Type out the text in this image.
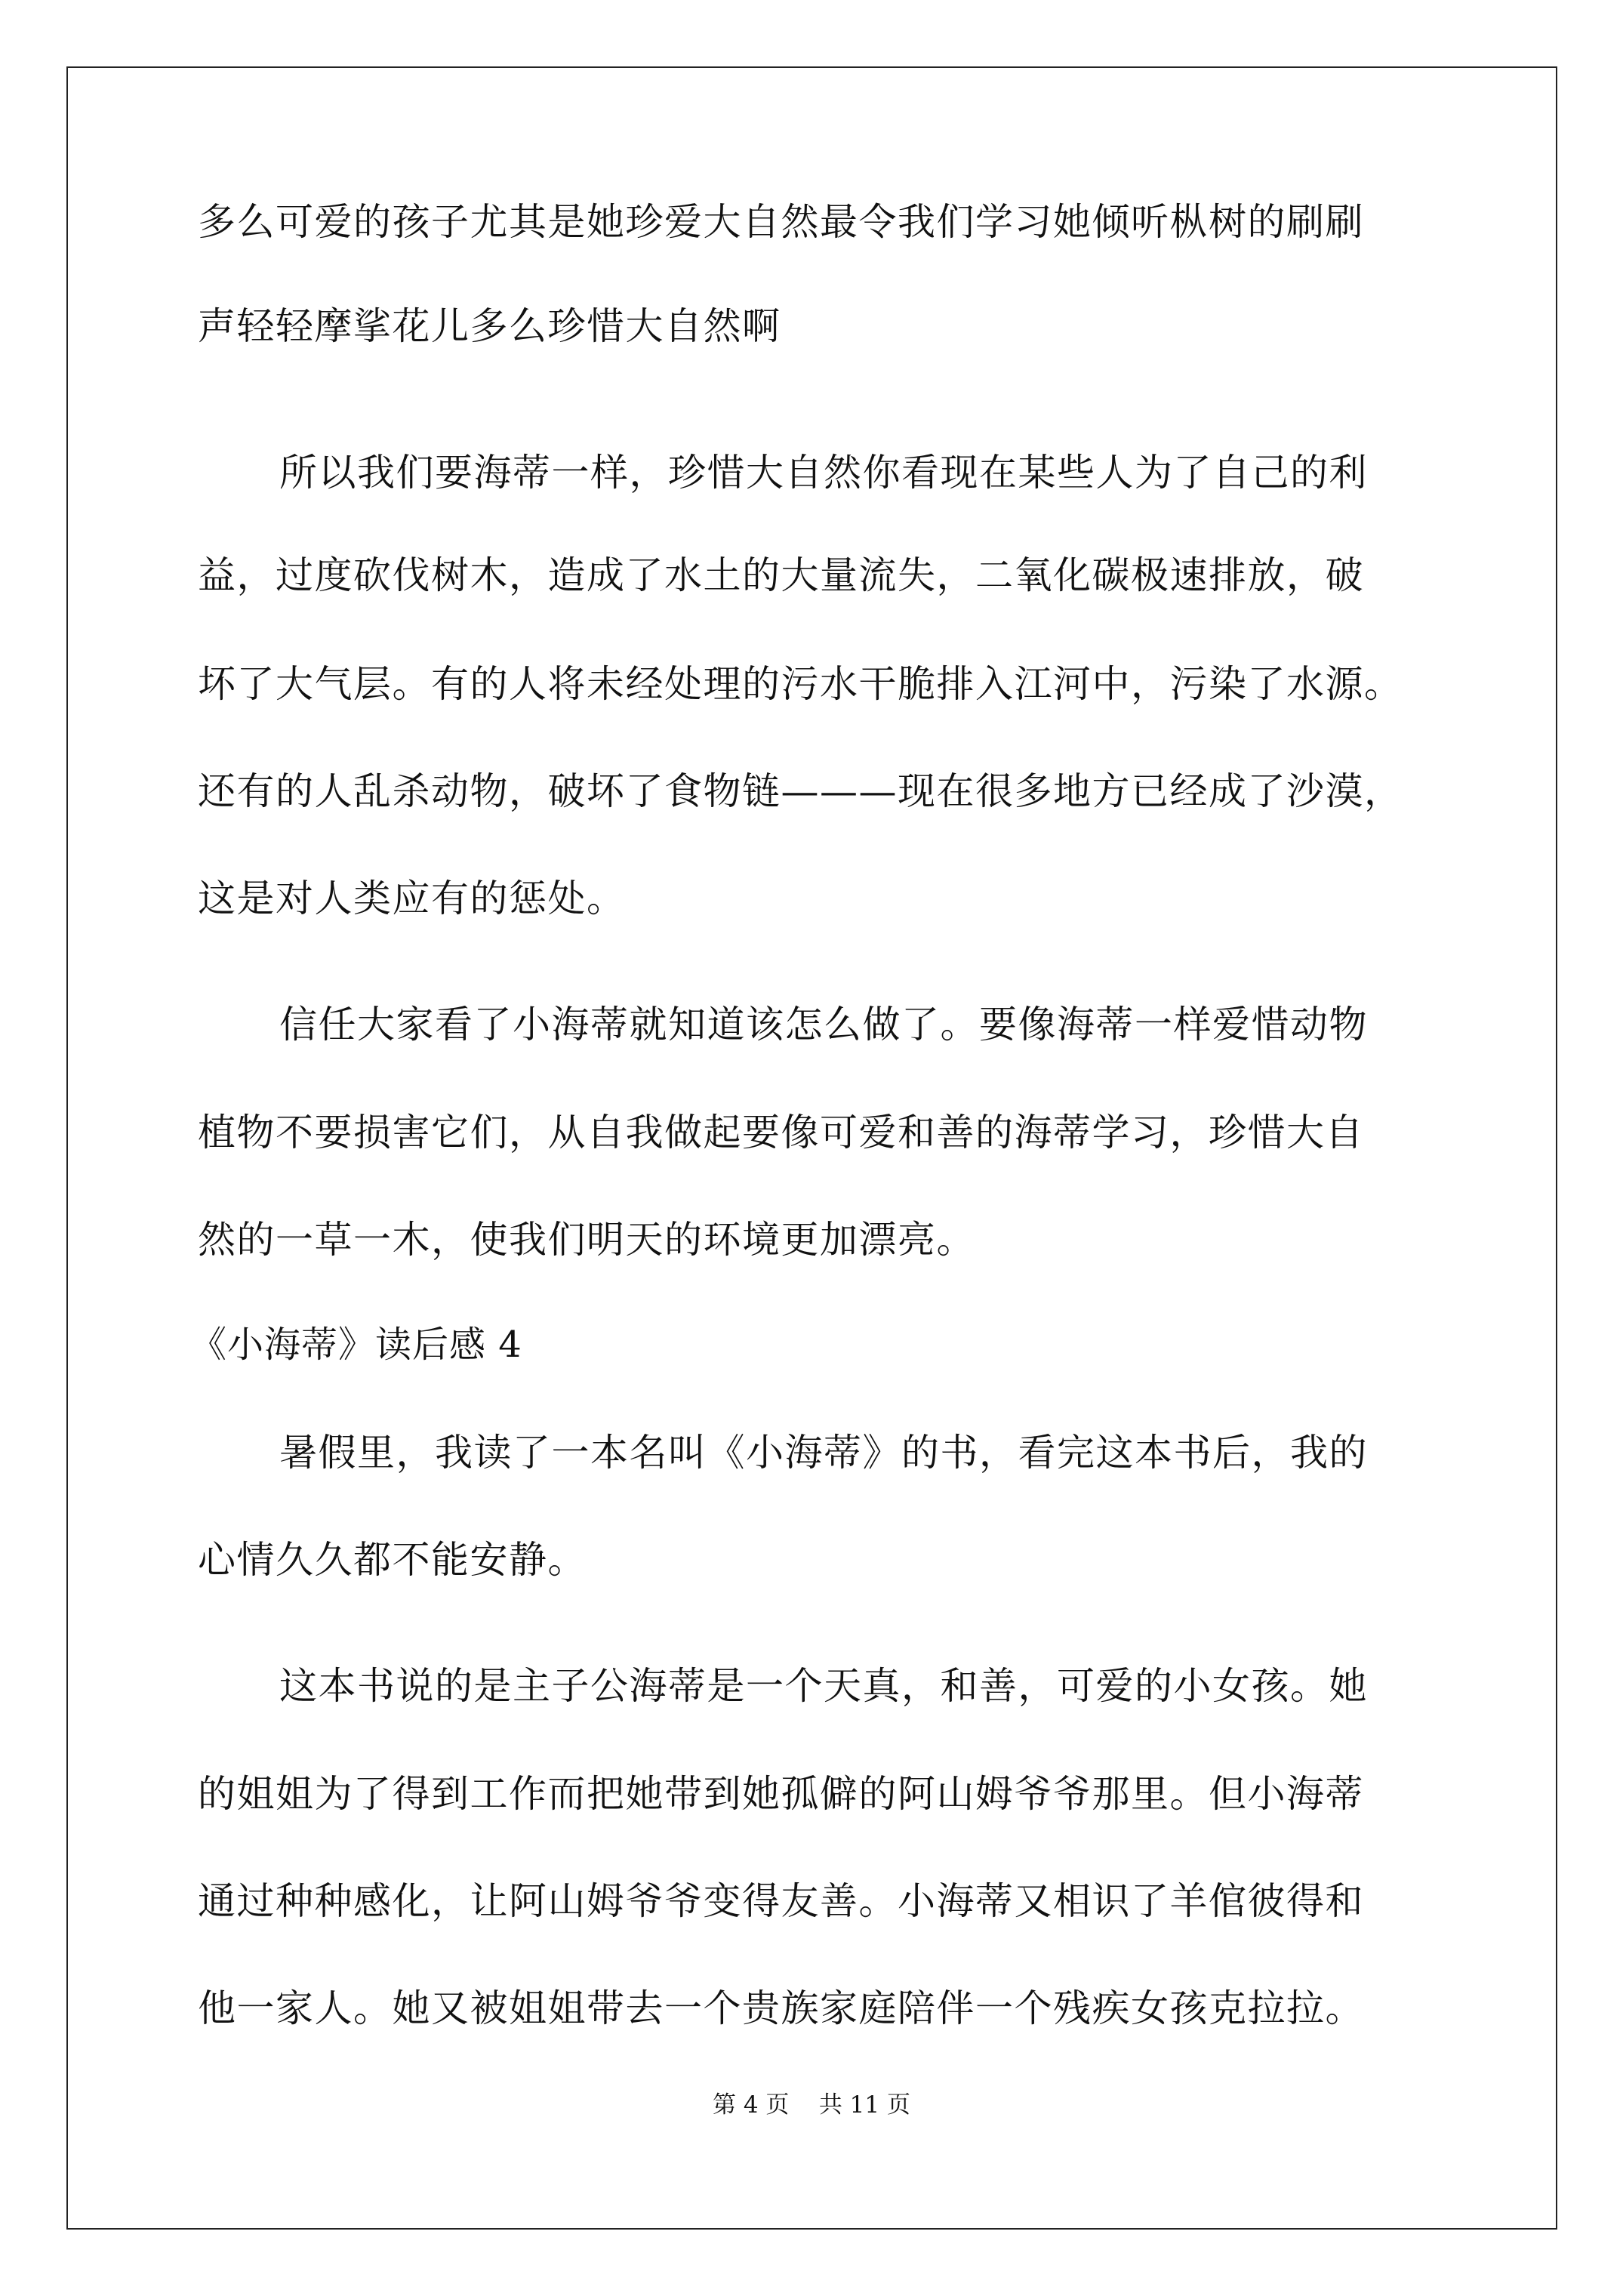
多么可爱的孩子尤其是她珍爱大自然最令我们学习她倾听枞树的刷刷
声轻轻摩挲花儿多么珍惜大自然啊
所以我们要海蒂一样，珍惜大自然你看现在某些人为了自己的利
益，过度砍伐树木，造成了水土的大量流失，二氧化碳极速排放，破
坏了大气层。有的人将未经处理的污水干脆排入江河中，污染了水源。
还有的人乱杀动物，破坏了食物链———现在很多地方已经成了沙漠，
这是对人类应有的惩处。
信任大家看了小海蒂就知道该怎么做了。要像海蒂一样爱惜动物
植物不要损害它们，从自我做起要像可爱和善的海蒂学习，珍惜大自
然的一草一木，使我们明天的环境更加漂亮。
《小海蒂》读后感 4
暑假里，我读了一本名叫《小海蒂》的书，看完这本书后，我的
心情久久都不能安静。
这本书说的是主子公海蒂是一个天真，和善，可爱的小女孩。她
的姐姐为了得到工作而把她带到她孤僻的阿山姆爷爷那里。但小海蒂
通过种种感化，让阿山姆爷爷变得友善。小海蒂又相识了羊倌彼得和
他一家人。她又被姐姐带去一个贵族家庭陪伴一个残疾女孩克拉拉。
第 4 页    共 11 页
